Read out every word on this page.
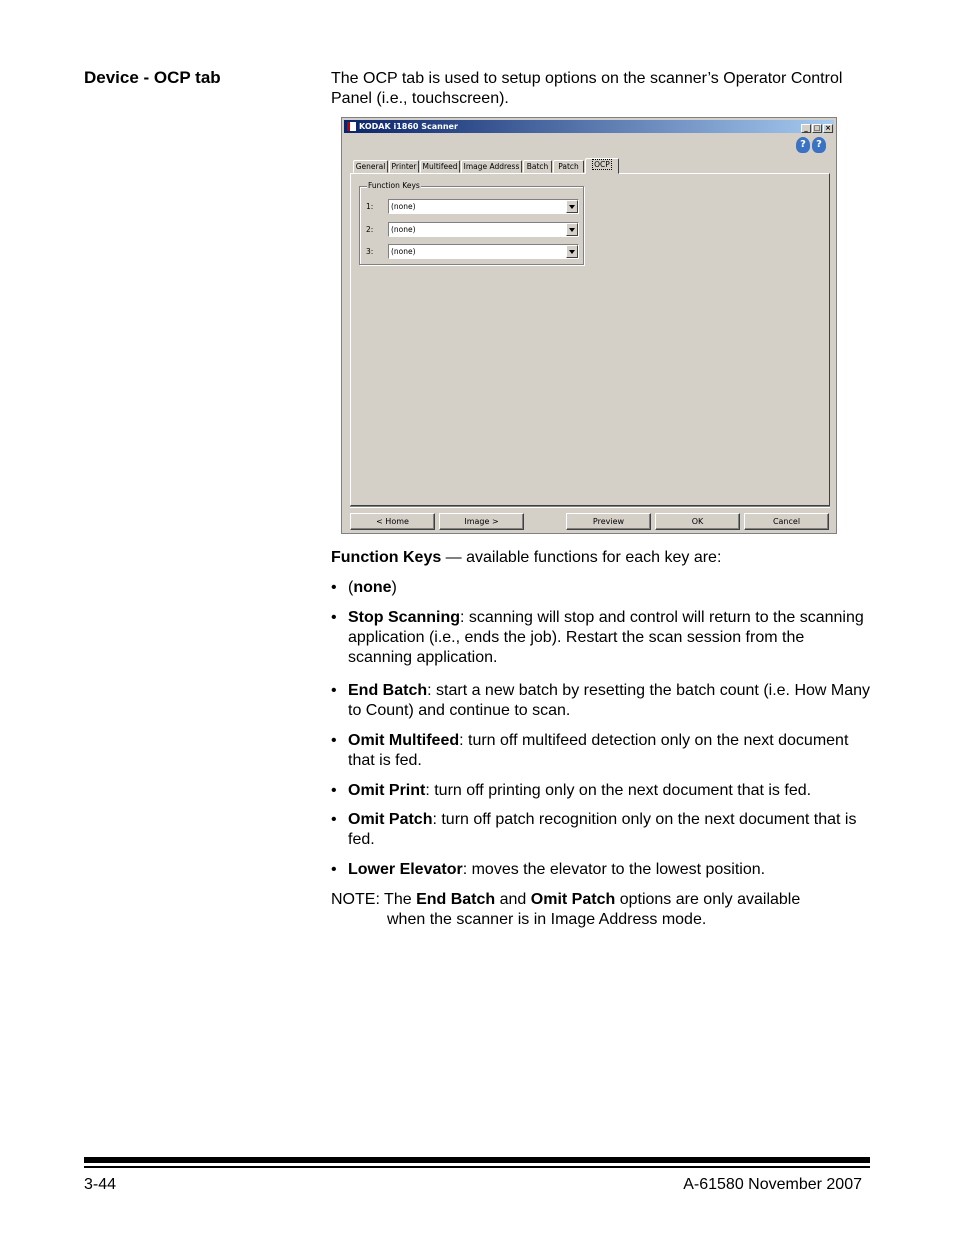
Device - OCP tab	The OCP tab is used to setup options on the scanner’s Operator Control Panel (i.e., touchscreen).
KODAK i1860 Scanner	_ □ ×
? ?
General Printer Multifeed Image Address Batch	Patch	OCP
Function Keys
1:	(none)
2:	(none)
3:	(none)
< Home	Image >	Preview	OK	Cancel
Function Keys — available functions for each key are:
• (none)
• Stop Scanning: scanning will stop and control will return to the scanning application (i.e., ends the job). Restart the scan session from the scanning application.
• End Batch: start a new batch by resetting the batch count (i.e. How Many to Count) and continue to scan.
• Omit Multifeed: turn off multifeed detection only on the next document that is fed.
• Omit Print: turn off printing only on the next document that is fed.
• Omit Patch: turn off patch recognition only on the next document that is fed.
• Lower Elevator: moves the elevator to the lowest position.
NOTE: The End Batch and Omit Patch options are only available
when the scanner is in Image Address mode.
3-44	A-61580 November 2007
